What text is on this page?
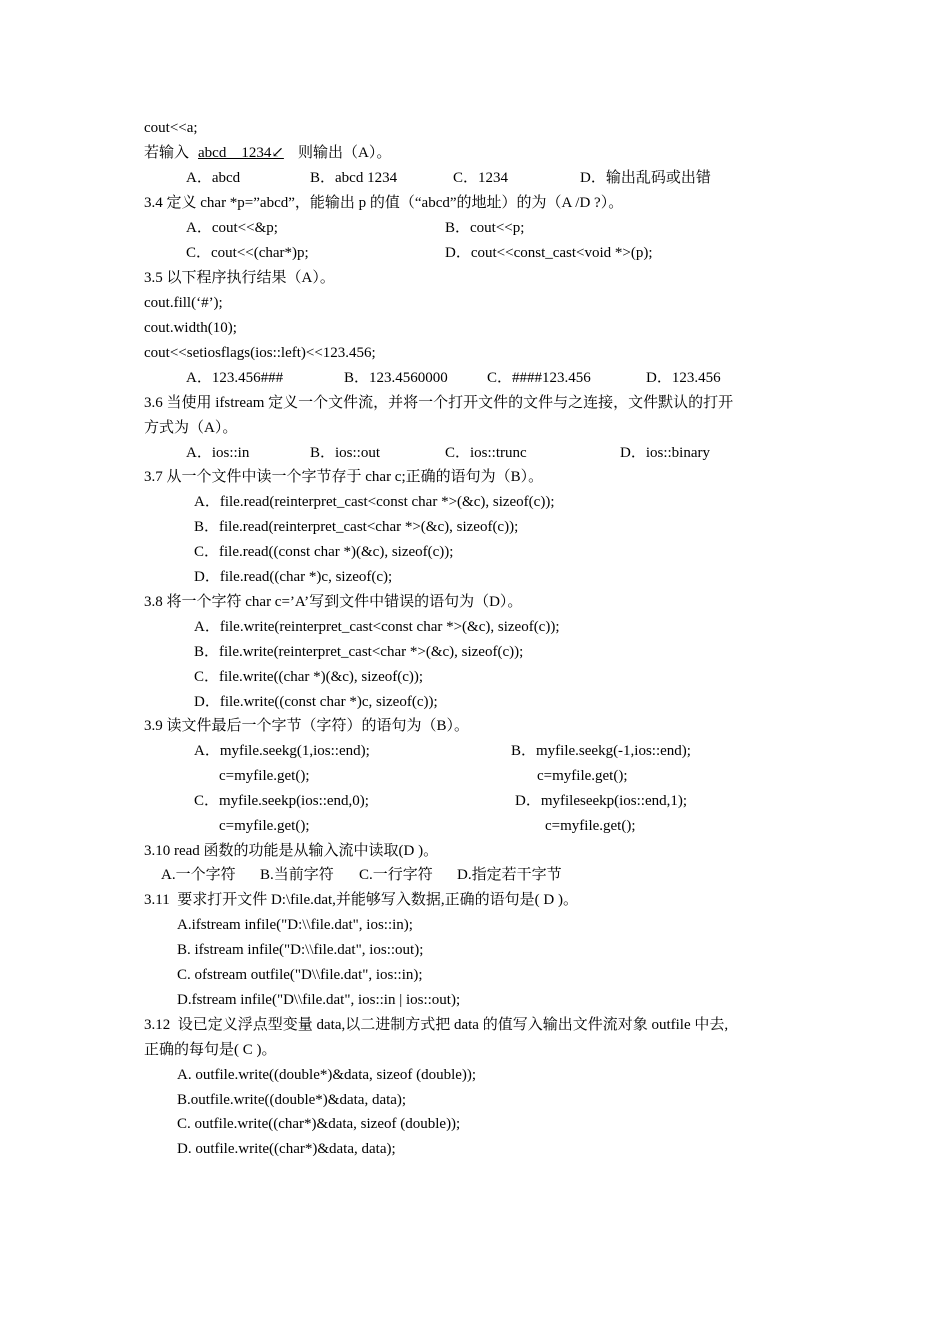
cout<<a;
若输入 abcd    1234↙ 则输出（A）。
A．abcd	B．abcd 1234	C．1234	D．输出乱码或出错
3.4 定义 char *p=”abcd”，能输出 p 的值（“abcd”的地址）的为（A /D ?）。
A．cout<<&p;	B．cout<<p;
C．cout<<(char*)p;	D．cout<<const_cast<void *>(p);
3.5 以下程序执行结果（A）。
cout.fill(‘#’);
cout.width(10);
cout<<setiosflags(ios::left)<<123.456;
A．123.456###	B．123.4560000	C．####123.456	D．123.456
3.6 当使用 ifstream 定义一个文件流，并将一个打开文件的文件与之连接，文件默认的打开
方式为（A）。
A．ios::in	B．ios::out	C．ios::trunc	D．ios::binary
3.7 从一个文件中读一个字节存于 char c;正确的语句为（B）。
A．file.read(reinterpret_cast<const char *>(&c), sizeof(c));
B．file.read(reinterpret_cast<char *>(&c), sizeof(c));
C．file.read((const char *)(&c), sizeof(c));
D．file.read((char *)c, sizeof(c);
3.8 将一个字符 char c=’A’写到文件中错误的语句为（D）。
A．file.write(reinterpret_cast<const char *>(&c), sizeof(c));
B．file.write(reinterpret_cast<char *>(&c), sizeof(c));
C．file.write((char *)(&c), sizeof(c));
D．file.write((const char *)c, sizeof(c));
3.9 读文件最后一个字节（字符）的语句为（B）。
A．myfile.seekg(1,ios::end);	B．myfile.seekg(-1,ios::end);
c=myfile.get();	c=myfile.get();
C．myfile.seekp(ios::end,0);	D．myfileseekp(ios::end,1);
c=myfile.get();	c=myfile.get();
3.10 read 函数的功能是从输入流中读取(D )。
A.一个字符 B.当前字符 C.一行字符 D.指定若干字节
3.11  要求打开文件 D:\file.dat,并能够写入数据,正确的语句是( D )。
A.ifstream infile("D:\\file.dat", ios::in);
B. ifstream infile("D:\\file.dat", ios::out);
C. ofstream outfile("D\\file.dat", ios::in);
D.fstream infile("D\\file.dat", ios::in | ios::out);
3.12  设已定义浮点型变量 data,以二进制方式把 data 的值写入输出文件流对象 outfile 中去,
正确的每句是( C )。
A. outfile.write((double*)&data, sizeof (double));
B.outfile.write((double*)&data, data);
C. outfile.write((char*)&data, sizeof (double));
D. outfile.write((char*)&data, data);
